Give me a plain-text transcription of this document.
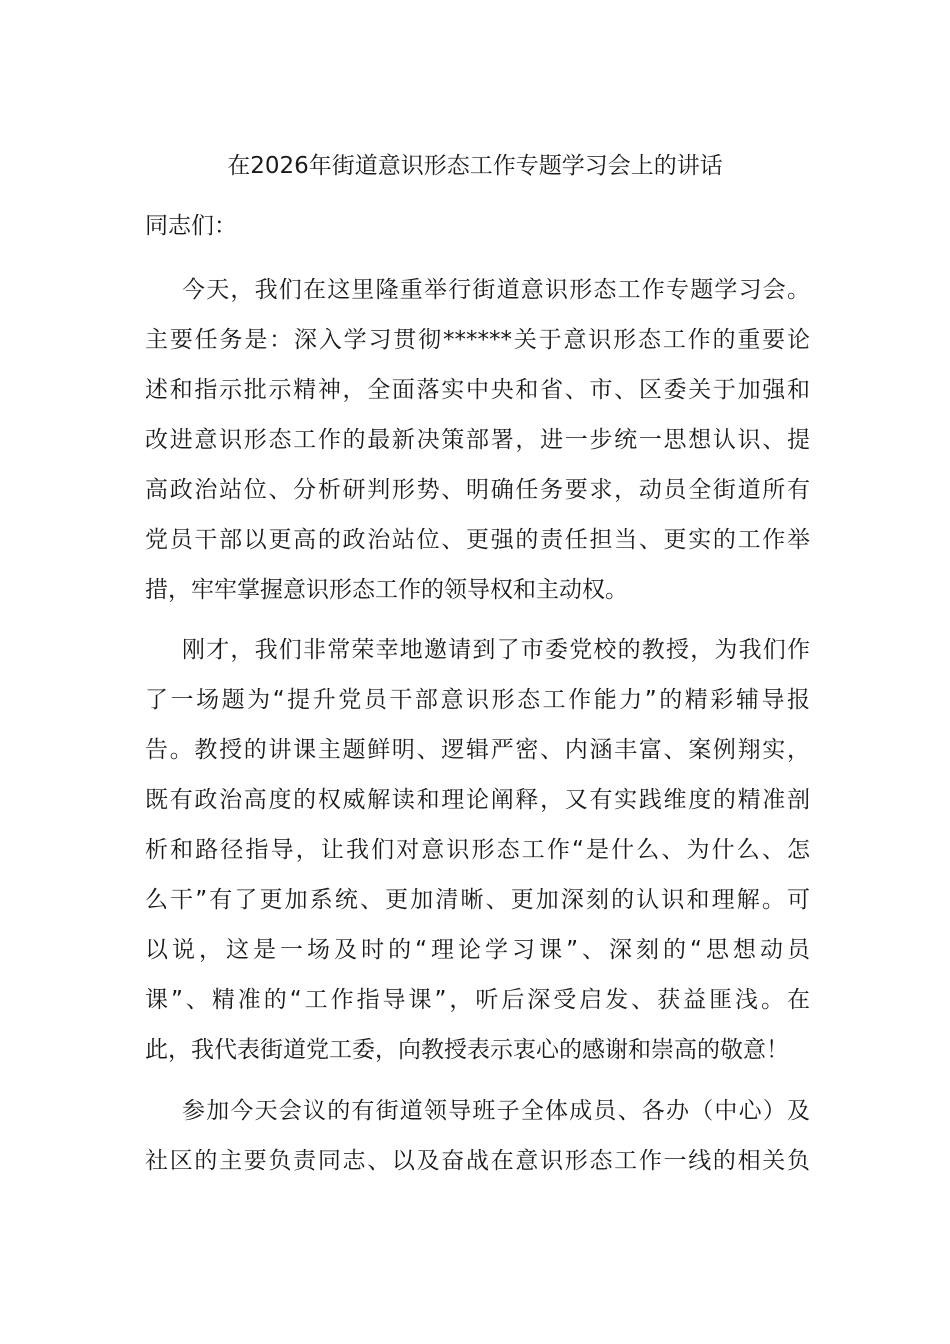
在2026年街道意识形态工作专题学习会上的讲话
同志们：
今天，我们在这里隆重举行街道意识形态工作专题学习会。
主要任务是：深入学习贯彻******关于意识形态工作的重要论
述和指示批示精神，全面落实中央和省、市、区委关于加强和
改进意识形态工作的最新决策部署，进一步统一思想认识、提
高政治站位、分析研判形势、明确任务要求，动员全街道所有
党员干部以更高的政治站位、更强的责任担当、更实的工作举
措，牢牢掌握意识形态工作的领导权和主动权。
刚才，我们非常荣幸地邀请到了市委党校的教授，为我们作
了一场题为“提升党员干部意识形态工作能力”的精彩辅导报
告。教授的讲课主题鲜明、逻辑严密、内涵丰富、案例翔实，
既有政治高度的权威解读和理论阐释，又有实践维度的精准剖
析和路径指导，让我们对意识形态工作“是什么、为什么、怎
么干”有了更加系统、更加清晰、更加深刻的认识和理解。可
以说，这是一场及时的“理论学习课”、深刻的“思想动员
课”、精准的“工作指导课”，听后深受启发、获益匪浅。在
此，我代表街道党工委，向教授表示衷心的感谢和崇高的敬意！
参加今天会议的有街道领导班子全体成员、各办（中心）及
社区的主要负责同志、以及奋战在意识形态工作一线的相关负
